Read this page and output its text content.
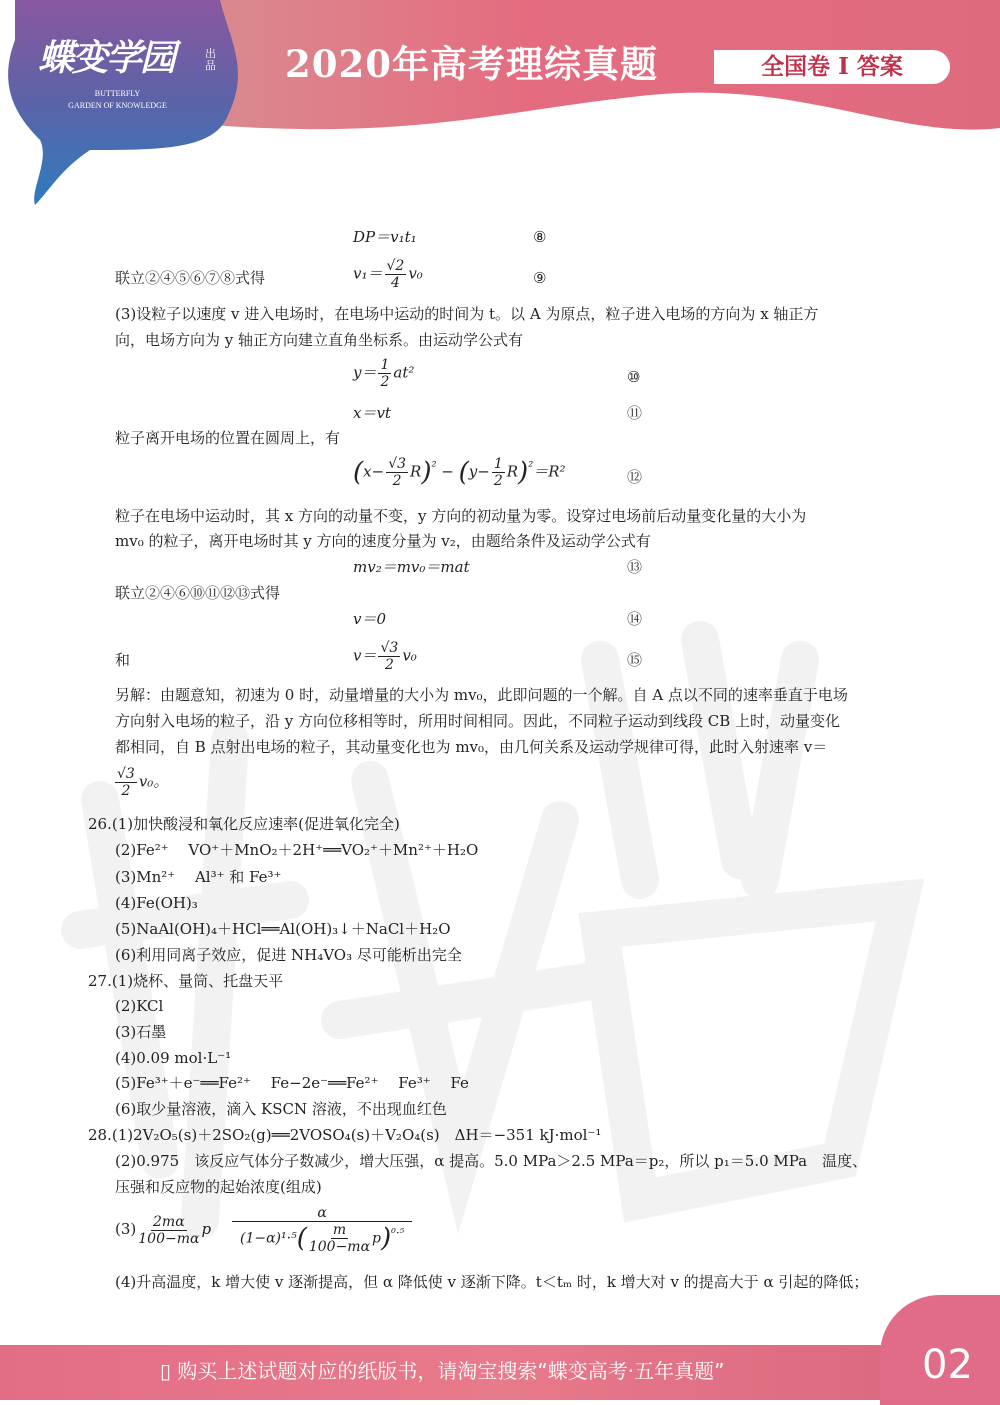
蝶变学园	出品
BUTTERFLY
GARDEN OF KNOWLEDGE
2020年高考理综真题	全国卷 I 答案
DP＝v₁t₁	⑧
联立②④⑤⑥⑦⑧式得	$v_1= \frac{√2}{4} v_0$	⑨
(3)设粒子以速度 v 进入电场时，在电场中运动的时间为 t。以 A 为原点，粒子进入电场的方向为 x 轴正方
向，电场方向为 y 轴正方向建立直角坐标系。由运动学公式有
$y= \frac{1}{2} at^2$	⑩
x＝vt	⑪
粒子离开电场的位置在圆周上，有
$(x- \frac{√3}{2} R)^{^2} - (y- \frac{1}{2} R)^{^2}=R^2$	⑫
粒子在电场中运动时，其 x 方向的动量不变，y 方向的初动量为零。设穿过电场前后动量变化量的大小为
mv₀ 的粒子，离开电场时其 y 方向的速度分量为 v₂，由题给条件及运动学公式有
mv₂＝mv₀＝mat	⑬
联立②④⑥⑩⑪⑫⑬式得
v＝0	⑭
和	$v= \frac{√3}{2} v_0$	⑮
另解：由题意知，初速为 0 时，动量增量的大小为 mv₀，此即问题的一个解。自 A 点以不同的速率垂直于电场
方向射入电场的粒子，沿 y 方向位移相等时，所用时间相同。因此，不同粒子运动到线段 CB 上时，动量变化
都相同，自 B 点射出电场的粒子，其动量变化也为 mv₀，由几何关系及运动学规律可得，此时入射速率 v＝
$\frac{√3}{2} v_0$。
26.(1)加快酸浸和氧化反应速率(促进氧化完全)
(2)Fe²⁺　 VO⁺＋MnO₂＋2H⁺══VO₂⁺＋Mn²⁺＋H₂O
(3)Mn²⁺　 Al³⁺ 和 Fe³⁺
(4)Fe(OH)₃
(5)NaAl(OH)₄＋HCl══Al(OH)₃↓＋NaCl＋H₂O
(6)利用同离子效应，促进 NH₄VO₃ 尽可能析出完全
27.(1)烧杯、量筒、托盘天平
(2)KCl
(3)石墨
(4)0.09 mol·L⁻¹
(5)Fe³⁺＋e⁻══Fe²⁺　 Fe−2e⁻══Fe²⁺　 Fe³⁺　 Fe
(6)取少量溶液，滴入 KSCN 溶液，不出现血红色
28.(1)2V₂O₅(s)＋2SO₂(g)══2VOSO₄(s)＋V₂O₄(s)　ΔH＝−351 kJ·mol⁻¹
(2)0.975　该反应气体分子数减少，增大压强，α 提高。5.0 MPa＞2.5 MPa＝p₂，所以 p₁＝5.0 MPa　温度、
压强和反应物的起始浓度(组成)
$(3) \frac{2m\alpha}{100-m\alpha}$ p $\frac{\alpha}{(1-\alpha)^1\cdot^5( \frac{m}{100-m\alpha} p)^{^0\cdot^5}}$
(4)升高温度，k 增大使 v 逐渐提高，但 α 降低使 v 逐渐下降。t＜tₘ 时，k 增大对 v 的提高大于 α 引起的降低；
▯ 购买上述试题对应的纸版书，请淘宝搜索“蝶变高考·五年真题”	02
